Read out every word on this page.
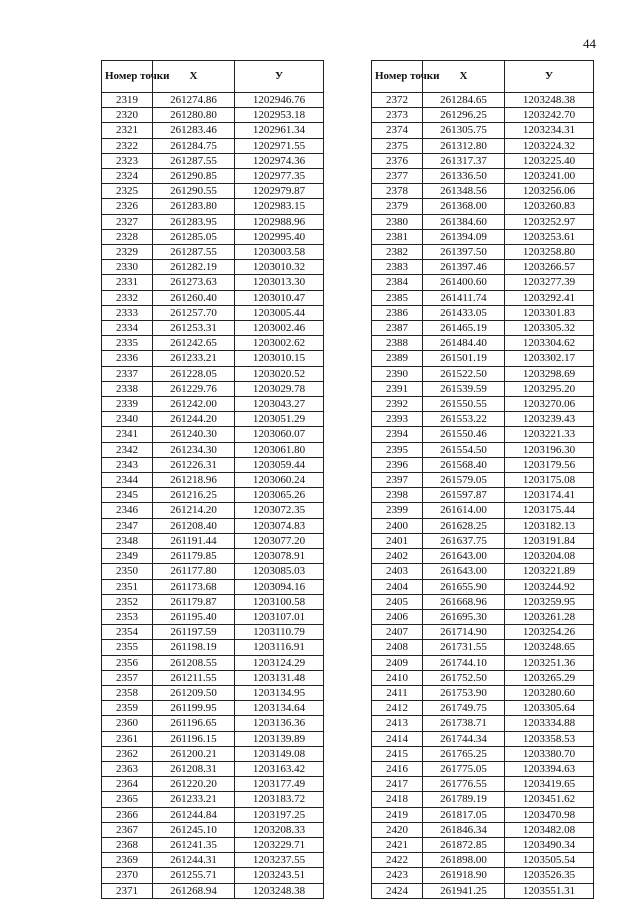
44
Номер точки	X	У
2319	261274.86	1202946.76
2320	261280.80	1202953.18
2321	261283.46	1202961.34
2322	261284.75	1202971.55
2323	261287.55	1202974.36
2324	261290.85	1202977.35
2325	261290.55	1202979.87
2326	261283.80	1202983.15
2327	261283.95	1202988.96
2328	261285.05	1202995.40
2329	261287.55	1203003.58
2330	261282.19	1203010.32
2331	261273.63	1203013.30
2332	261260.40	1203010.47
2333	261257.70	1203005.44
2334	261253.31	1203002.46
2335	261242.65	1203002.62
2336	261233.21	1203010.15
2337	261228.05	1203020.52
2338	261229.76	1203029.78
2339	261242.00	1203043.27
2340	261244.20	1203051.29
2341	261240.30	1203060.07
2342	261234.30	1203061.80
2343	261226.31	1203059.44
2344	261218.96	1203060.24
2345	261216.25	1203065.26
2346	261214.20	1203072.35
2347	261208.40	1203074.83
2348	261191.44	1203077.20
2349	261179.85	1203078.91
2350	261177.80	1203085.03
2351	261173.68	1203094.16
2352	261179.87	1203100.58
2353	261195.40	1203107.01
2354	261197.59	1203110.79
2355	261198.19	1203116.91
2356	261208.55	1203124.29
2357	261211.55	1203131.48
2358	261209.50	1203134.95
2359	261199.95	1203134.64
2360	261196.65	1203136.36
2361	261196.15	1203139.89
2362	261200.21	1203149.08
2363	261208.31	1203163.42
2364	261220.20	1203177.49
2365	261233.21	1203183.72
2366	261244.84	1203197.25
2367	261245.10	1203208.33
2368	261241.35	1203229.71
2369	261244.31	1203237.55
2370	261255.71	1203243.51
2371	261268.94	1203248.38
Номер точки	X	У
2372	261284.65	1203248.38
2373	261296.25	1203242.70
2374	261305.75	1203234.31
2375	261312.80	1203224.32
2376	261317.37	1203225.40
2377	261336.50	1203241.00
2378	261348.56	1203256.06
2379	261368.00	1203260.83
2380	261384.60	1203252.97
2381	261394.09	1203253.61
2382	261397.50	1203258.80
2383	261397.46	1203266.57
2384	261400.60	1203277.39
2385	261411.74	1203292.41
2386	261433.05	1203301.83
2387	261465.19	1203305.32
2388	261484.40	1203304.62
2389	261501.19	1203302.17
2390	261522.50	1203298.69
2391	261539.59	1203295.20
2392	261550.55	1203270.06
2393	261553.22	1203239.43
2394	261550.46	1203221.33
2395	261554.50	1203196.30
2396	261568.40	1203179.56
2397	261579.05	1203175.08
2398	261597.87	1203174.41
2399	261614.00	1203175.44
2400	261628.25	1203182.13
2401	261637.75	1203191.84
2402	261643.00	1203204.08
2403	261643.00	1203221.89
2404	261655.90	1203244.92
2405	261668.96	1203259.95
2406	261695.30	1203261.28
2407	261714.90	1203254.26
2408	261731.55	1203248.65
2409	261744.10	1203251.36
2410	261752.50	1203265.29
2411	261753.90	1203280.60
2412	261749.75	1203305.64
2413	261738.71	1203334.88
2414	261744.34	1203358.53
2415	261765.25	1203380.70
2416	261775.05	1203394.63
2417	261776.55	1203419.65
2418	261789.19	1203451.62
2419	261817.05	1203470.98
2420	261846.34	1203482.08
2421	261872.85	1203490.34
2422	261898.00	1203505.54
2423	261918.90	1203526.35
2424	261941.25	1203551.31
